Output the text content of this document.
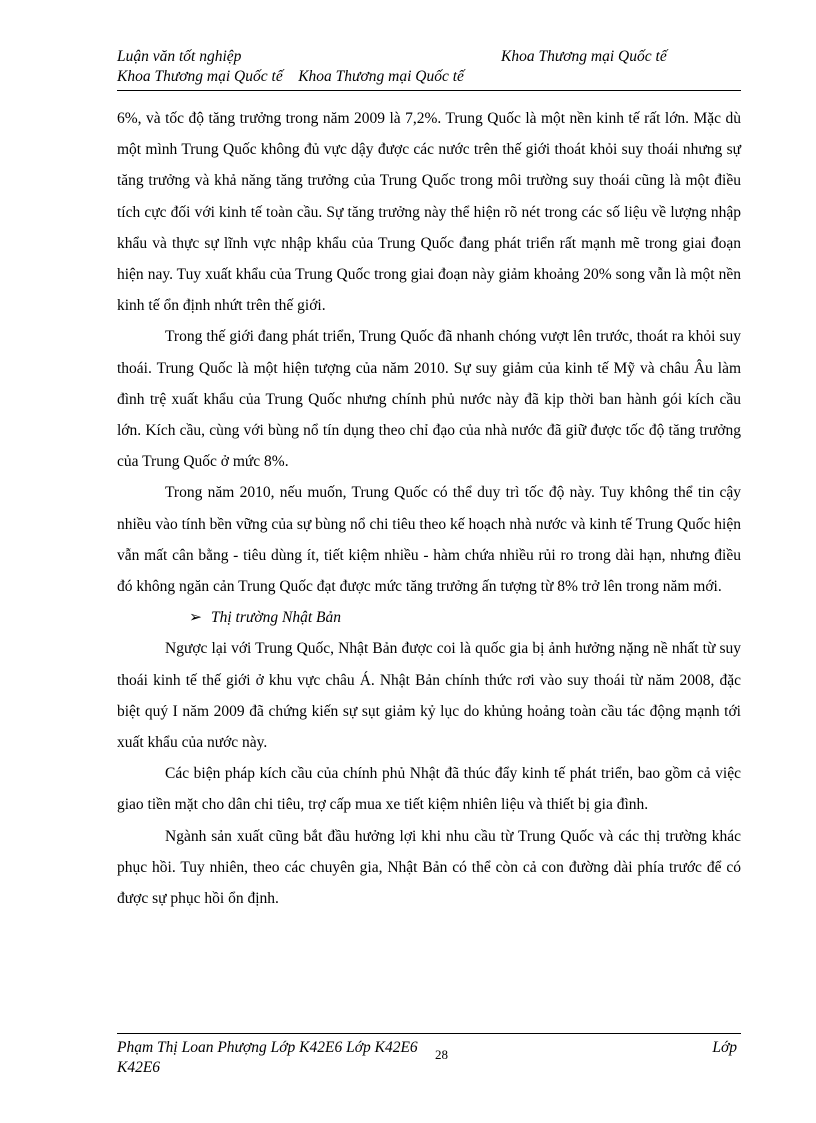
Luận văn tốt nghiệp	Khoa Thương mại Quốc tế
Khoa Thương mại Quốc tế    Khoa Thương mại Quốc tế

6%, và tốc độ tăng trưởng trong năm 2009 là 7,2%. Trung Quốc là một nền kinh tế rất lớn. Mặc dù một mình Trung Quốc không đủ vực dậy được các nước trên thế giới thoát khỏi suy thoái nhưng sự tăng trưởng và khả năng tăng trưởng của Trung Quốc trong môi trường suy thoái cũng là một điều tích cực đối với kinh tế toàn cầu. Sự tăng trưởng này thể hiện rõ nét trong các số liệu về lượng nhập khẩu và thực sự lĩnh vực nhập khẩu của Trung Quốc đang phát triển rất mạnh mẽ trong giai đoạn hiện nay. Tuy xuất khẩu của Trung Quốc trong giai đoạn này giảm khoảng 20% song vẫn là một nền kinh tế ổn định nhứt trên thế giới.

Trong thế giới đang phát triển, Trung Quốc đã nhanh chóng vượt lên trước, thoát ra khỏi suy thoái. Trung Quốc là một hiện tượng của năm 2010. Sự suy giảm của kinh tế Mỹ và châu Âu làm đình trệ xuất khẩu của Trung Quốc nhưng chính phủ nước này đã kịp thời ban hành gói kích cầu lớn. Kích cầu, cùng với bùng nổ tín dụng theo chỉ đạo của nhà nước đã giữ được tốc độ tăng trưởng của Trung Quốc ở mức 8%.

Trong năm 2010, nếu muốn, Trung Quốc có thể duy trì tốc độ này. Tuy không thể tin cậy nhiều vào tính bền vững của sự bùng nổ chi tiêu theo kế hoạch nhà nước và kinh tế Trung Quốc hiện vẫn mất cân bằng - tiêu dùng ít, tiết kiệm nhiều - hàm chứa nhiều rủi ro trong dài hạn, nhưng điều đó không ngăn cản Trung Quốc đạt được mức tăng trưởng ấn tượng từ 8% trở lên trong năm mới.

➢ Thị trường Nhật Bản

Ngược lại với Trung Quốc, Nhật Bản được coi là quốc gia bị ảnh hưởng nặng nề nhất từ suy thoái kinh tế thế giới ở khu vực châu Á. Nhật Bản chính thức rơi vào suy thoái từ năm 2008, đặc biệt quý I năm 2009 đã chứng kiến sự sụt giảm kỷ lục do khủng hoảng toàn cầu tác động mạnh tới xuất khẩu của nước này.

Các biện pháp kích cầu của chính phủ Nhật đã thúc đẩy kinh tế phát triển, bao gồm cả việc giao tiền mặt cho dân chi tiêu, trợ cấp mua xe tiết kiệm nhiên liệu và thiết bị gia đình.

Ngành sản xuất cũng bắt đầu hưởng lợi khi nhu cầu từ Trung Quốc và các thị trường khác phục hồi. Tuy nhiên, theo các chuyên gia, Nhật Bản có thể còn cả con đường dài phía trước để có được sự phục hồi ổn định.

Phạm Thị Loan Phượng Lớp K42E6 Lớp K42E6	28	Lớp
K42E6
